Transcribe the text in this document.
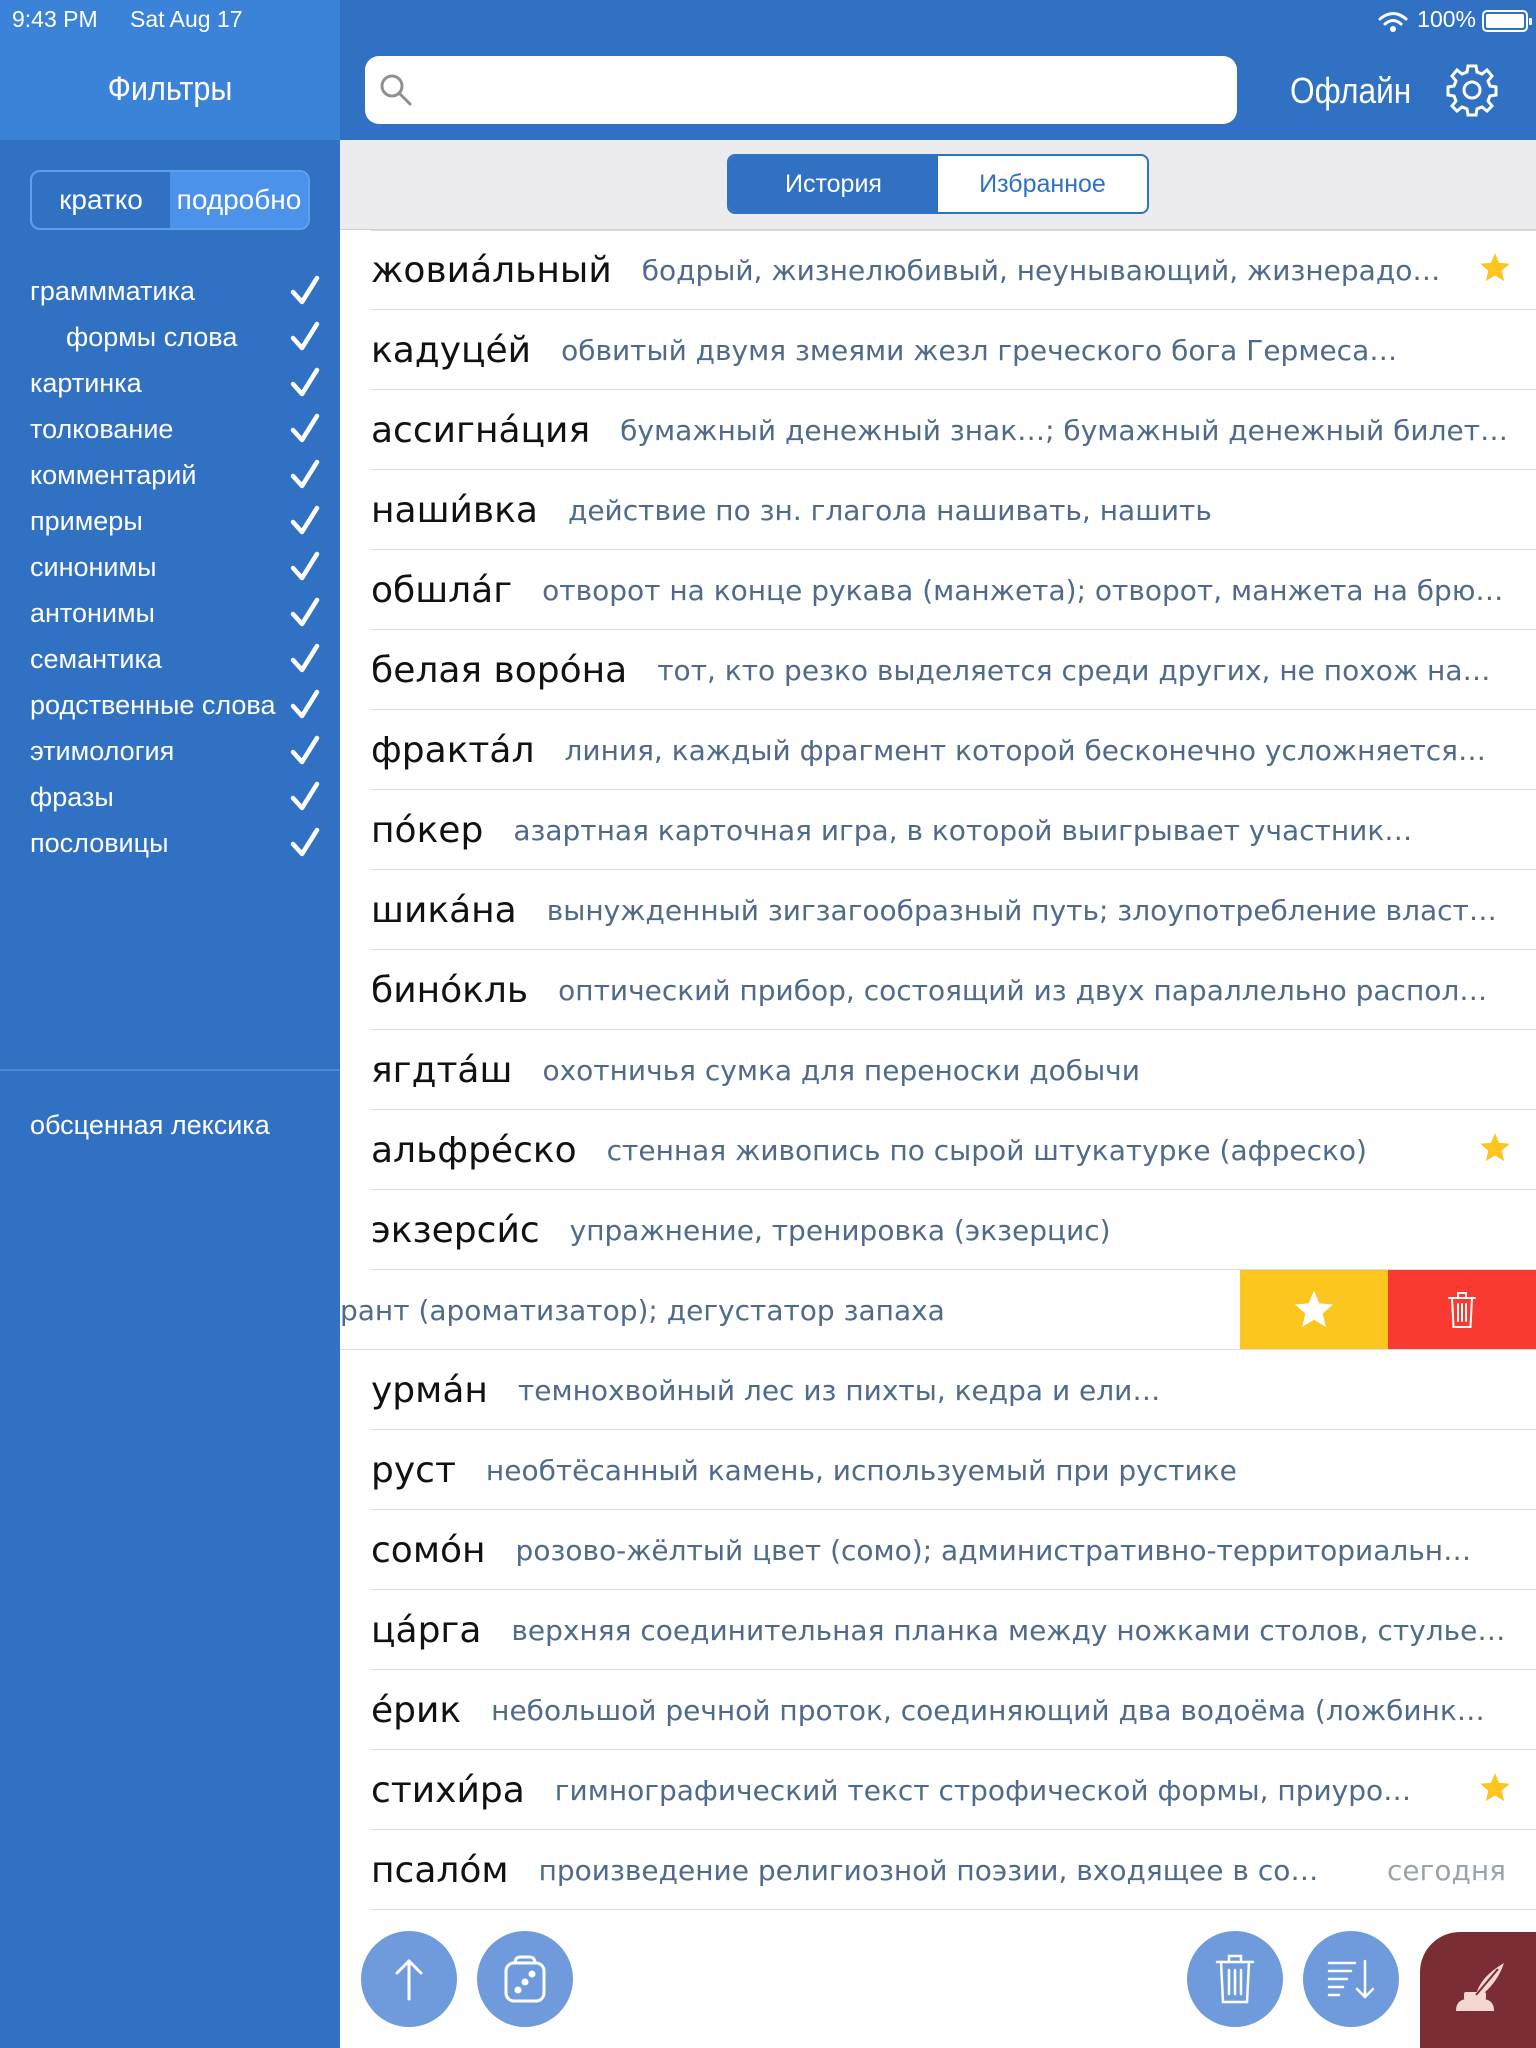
9:43 PM Sat Aug 17
Фильтры
кратко	подробно
граммматика
формы слова
картинка
толкование
комментарий
примеры
синонимы
антонимы
семантика
родственные слова
этимология
фразы
пословицы
обсценная лексика
100%
Офлайн
История	Избранное
жовиа́льный бодрый, жизнелюбивый, неунывающий, жизнерадо…
кадуце́й обвитый двумя змеями жезл греческого бога Гермеса…
ассигна́ция бумажный денежный знак…; бумажный денежный билет…
наши́вка действие по зн. глагола нашивать, нашить
обшла́г отворот на конце рукава (манжета); отворот, манжета на брю…
белая воро́на тот, кто резко выделяется среди других, не похож на…
фракта́л линия, каждый фрагмент которой бесконечно усложняется…
по́кер азартная карточная игра, в которой выигрывает участник…
шика́на вынужденный зигзагообразный путь; злоупотребление власт…
бино́кль оптический прибор, состоящий из двух параллельно распол…
ягдта́ш охотничья сумка для переноски добычи
альфре́ско стенная живопись по сырой штукатурке (афреско)
экзерси́с упражнение, тренировка (экзерцис)
рант (ароматизатор); дегустатор запаха
урма́н темнохвойный лес из пихты, кедра и ели…
руст необтёсанный камень, используемый при рустике
сомо́н розово-жёлтый цвет (сомо); административно-территориальн…
ца́рга верхняя соединительная планка между ножками столов, стулье…
е́рик небольшой речной проток, соединяющий два водоёма (ложбинк…
стихи́ра гимнографический текст строфической формы, приуро…
псало́м произведение религиозной поэзии, входящее в со…	сегодня
